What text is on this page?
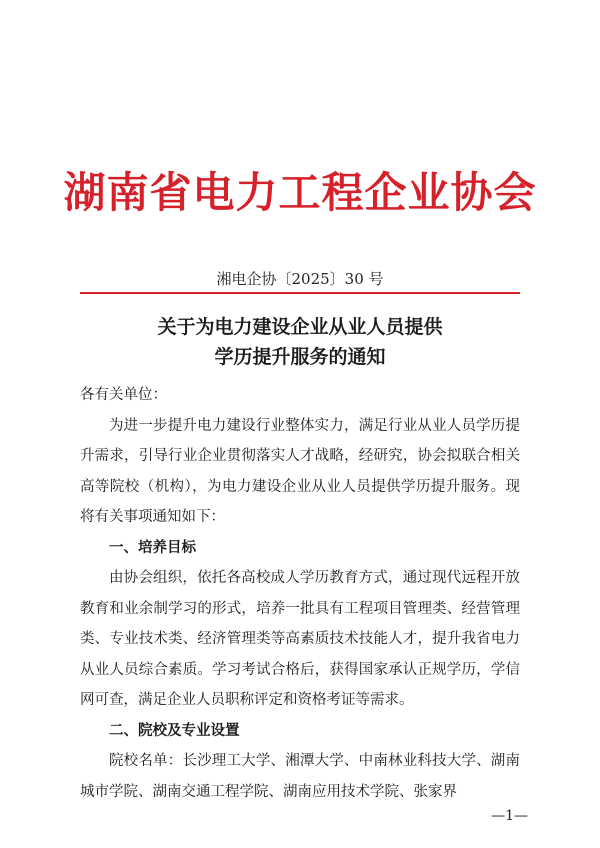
湖南省电力工程企业协会
湘电企协〔2025〕30 号
关于为电力建设企业从业人员提供
学历提升服务的通知

各有关单位：

为进一步提升电力建设行业整体实力，满足行业从业人员学历提升需求，引导行业企业贯彻落实人才战略，经研究，协会拟联合相关高等院校（机构），为电力建设企业从业人员提供学历提升服务。现将有关事项通知如下：

一、培养目标

由协会组织，依托各高校成人学历教育方式，通过现代远程开放教育和业余制学习的形式，培养一批具有工程项目管理类、经营管理类、专业技术类、经济管理类等高素质技术技能人才，提升我省电力从业人员综合素质。学习考试合格后，获得国家承认正规学历，学信网可查，满足企业人员职称评定和资格考证等需求。

二、院校及专业设置

院校名单：长沙理工大学、湘潭大学、中南林业科技大学、湖南城市学院、湖南交通工程学院、湖南应用技术学院、张家界

—1—
